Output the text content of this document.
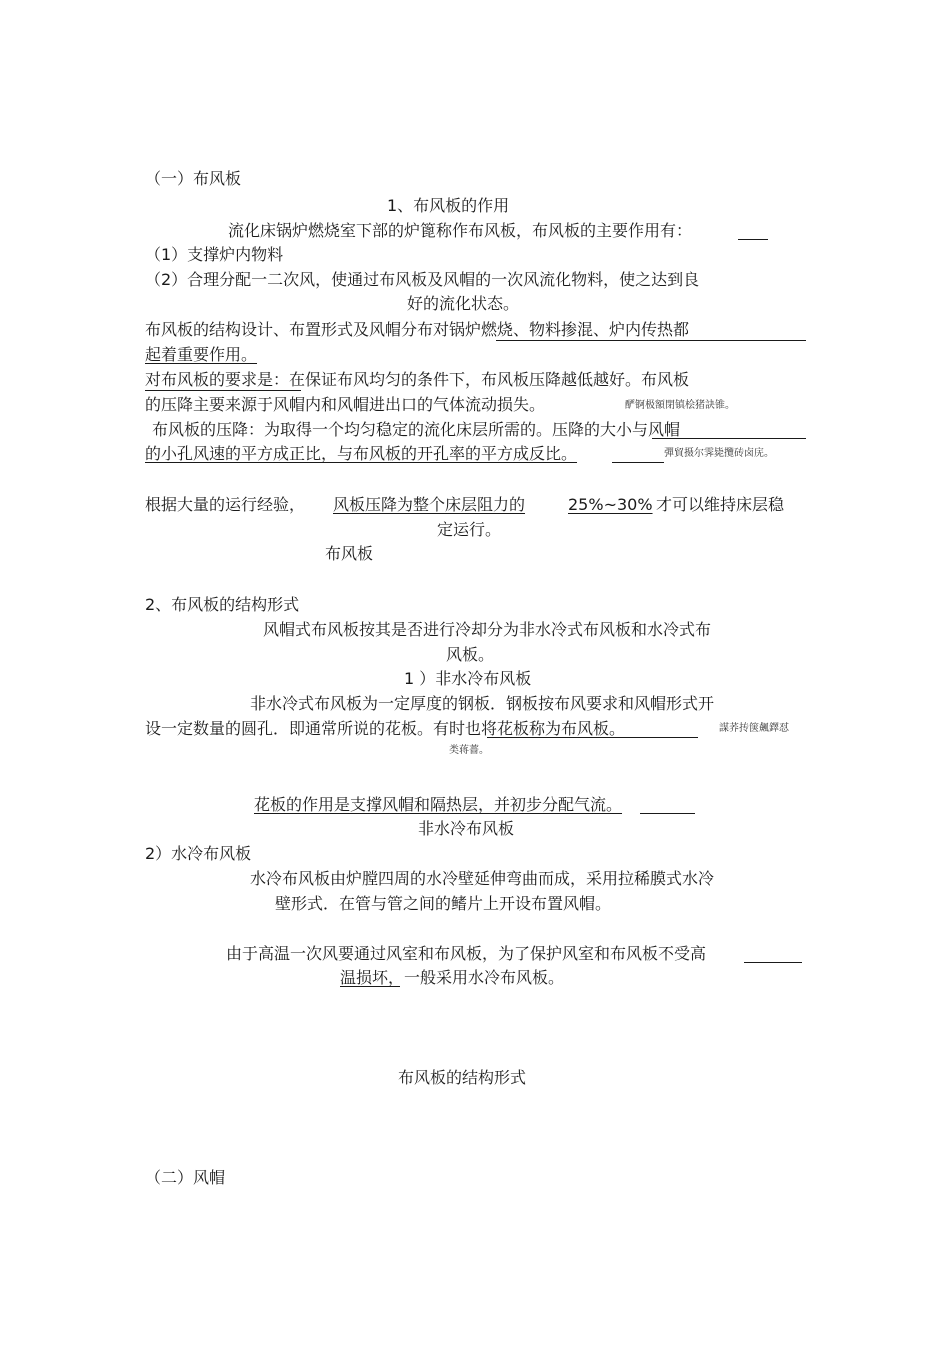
（一）布风板
1、布风板的作用
流化床锅炉燃烧室下部的炉篦称作布风板，布风板的主要作用有：
（1）支撑炉内物料
（2）合理分配一二次风，使通过布风板及风帽的一次风流化物料，使之达到良
好的流化状态。
布风板的结构设计、布置形式及风帽分布对锅炉燃烧、物料掺混、炉内传热都
起着重要作用。
对布风板的要求是：在保证布风均匀的条件下，布风板压降越低越好。布风板
的压降主要来源于风帽内和风帽进出口的气体流动损失。	酽锕极額閉镇桧猪訣锥。
布风板的压降：为取得一个均匀稳定的流化床层所需的。压降的大小与风帽
的小孔风速的平方成正比，与布风板的开孔率的平方成反比。	彈貿摄尔霁毙攬砖卤庑。
根据大量的运行经验， 风板压降为整个床层阻力的	25%~30% 才可以维持床层稳
定运行。
布风板
2、布风板的结构形式
风帽式布风板按其是否进行冷却分为非水冷式布风板和水冷式布
风板。
1 ）非水冷布风板
非水冷式布风板为一定厚度的钢板．钢板按布风要求和风帽形式开
设一定数量的圆孔．即通常所说的花板。有时也将花板称为布风板。	謀荞抟箧飆鐸怼
类蒋薔。
花板的作用是支撑风帽和隔热层，并初步分配气流。
非水冷布风板
2）水冷布风板
水冷布风板由炉膛四周的水冷壁延伸弯曲而成，采用拉稀膜式水冷
壁形式．在管与管之间的鳍片上开设布置风帽。
由于高温一次风要通过风室和布风板，为了保护风室和布风板不受高
温损坏，一般采用水冷布风板。
布风板的结构形式
（二）风帽
